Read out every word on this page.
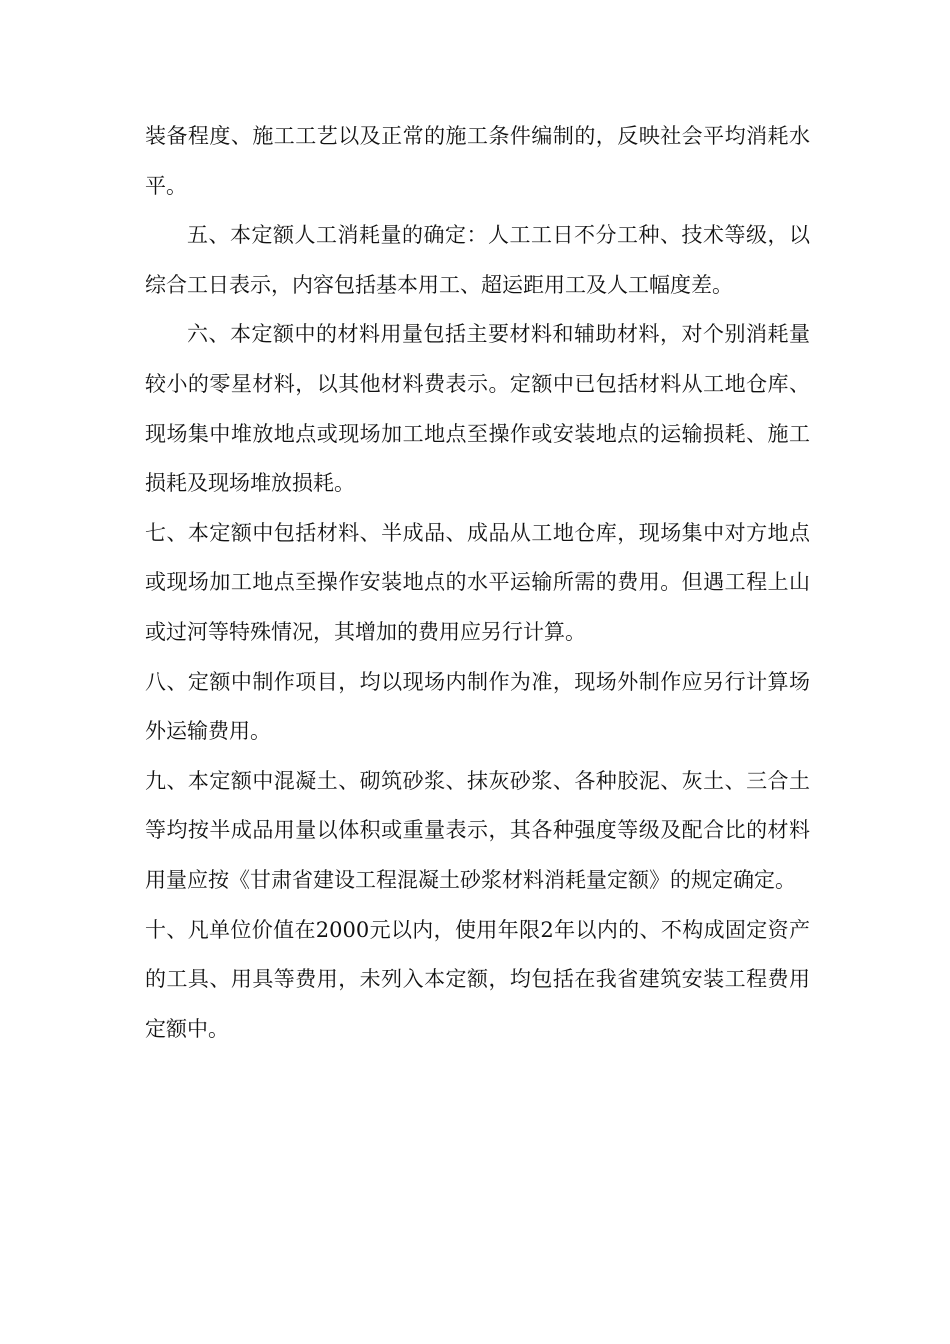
装备程度、施工工艺以及正常的施工条件编制的，反映社会平均消耗水平。

五、本定额人工消耗量的确定：人工工日不分工种、技术等级，以综合工日表示，内容包括基本用工、超运距用工及人工幅度差。

六、本定额中的材料用量包括主要材料和辅助材料，对个别消耗量较小的零星材料，以其他材料费表示。定额中已包括材料从工地仓库、现场集中堆放地点或现场加工地点至操作或安装地点的运输损耗、施工损耗及现场堆放损耗。

七、本定额中包括材料、半成品、成品从工地仓库，现场集中对方地点或现场加工地点至操作安装地点的水平运输所需的费用。但遇工程上山或过河等特殊情况，其增加的费用应另行计算。

八、定额中制作项目，均以现场内制作为准，现场外制作应另行计算场外运输费用。

九、本定额中混凝土、砌筑砂浆、抹灰砂浆、各种胶泥、灰土、三合土等均按半成品用量以体积或重量表示，其各种强度等级及配合比的材料用量应按《甘肃省建设工程混凝土砂浆材料消耗量定额》的规定确定。

十、凡单位价值在2000元以内，使用年限2年以内的、不构成固定资产的工具、用具等费用，未列入本定额，均包括在我省建筑安装工程费用定额中。
